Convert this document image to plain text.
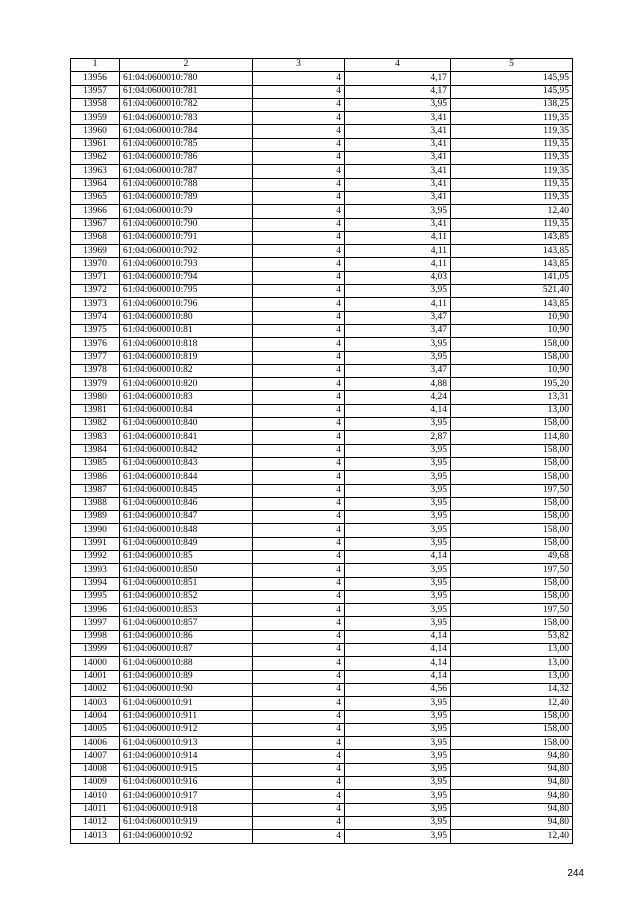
1	2	3	4	5
13956	61:04:0600010:780	4	4,17	145,95
13957	61:04:0600010:781	4	4,17	145,95
13958	61:04:0600010:782	4	3,95	138,25
13959	61:04:0600010:783	4	3,41	119,35
13960	61:04:0600010:784	4	3,41	119,35
13961	61:04:0600010:785	4	3,41	119,35
13962	61:04:0600010:786	4	3,41	119,35
13963	61:04:0600010:787	4	3,41	119,35
13964	61:04:0600010:788	4	3,41	119,35
13965	61:04:0600010:789	4	3,41	119,35
13966	61:04:0600010:79	4	3,95	12,40
13967	61:04:0600010:790	4	3,41	119,35
13968	61:04:0600010:791	4	4,11	143,85
13969	61:04:0600010:792	4	4,11	143,85
13970	61:04:0600010:793	4	4,11	143,85
13971	61:04:0600010:794	4	4,03	141,05
13972	61:04:0600010:795	4	3,95	521,40
13973	61:04:0600010:796	4	4,11	143,85
13974	61:04:0600010:80	4	3,47	10,90
13975	61:04:0600010:81	4	3,47	10,90
13976	61:04:0600010:818	4	3,95	158,00
13977	61:04:0600010:819	4	3,95	158,00
13978	61:04:0600010:82	4	3,47	10,90
13979	61:04:0600010:820	4	4,88	195,20
13980	61:04:0600010:83	4	4,24	13,31
13981	61:04:0600010:84	4	4,14	13,00
13982	61:04:0600010:840	4	3,95	158,00
13983	61:04:0600010:841	4	2,87	114,80
13984	61:04:0600010:842	4	3,95	158,00
13985	61:04:0600010:843	4	3,95	158,00
13986	61:04:0600010:844	4	3,95	158,00
13987	61:04:0600010:845	4	3,95	197,50
13988	61:04:0600010:846	4	3,95	158,00
13989	61:04:0600010:847	4	3,95	158,00
13990	61:04:0600010:848	4	3,95	158,00
13991	61:04:0600010:849	4	3,95	158,00
13992	61:04:0600010:85	4	4,14	49,68
13993	61:04:0600010:850	4	3,95	197,50
13994	61:04:0600010:851	4	3,95	158,00
13995	61:04:0600010:852	4	3,95	158,00
13996	61:04:0600010:853	4	3,95	197,50
13997	61:04:0600010:857	4	3,95	158,00
13998	61:04:0600010:86	4	4,14	53,82
13999	61:04:0600010:87	4	4,14	13,00
14000	61:04:0600010:88	4	4,14	13,00
14001	61:04:0600010:89	4	4,14	13,00
14002	61:04:0600010:90	4	4,56	14,32
14003	61:04:0600010:91	4	3,95	12,40
14004	61:04:0600010:911	4	3,95	158,00
14005	61:04:0600010:912	4	3,95	158,00
14006	61:04:0600010:913	4	3,95	158,00
14007	61:04:0600010:914	4	3,95	94,80
14008	61:04:0600010:915	4	3,95	94,80
14009	61:04:0600010:916	4	3,95	94,80
14010	61:04:0600010:917	4	3,95	94,80
14011	61:04:0600010:918	4	3,95	94,80
14012	61:04:0600010:919	4	3,95	94,80
14013	61:04:0600010:92	4	3,95	12,40
244
